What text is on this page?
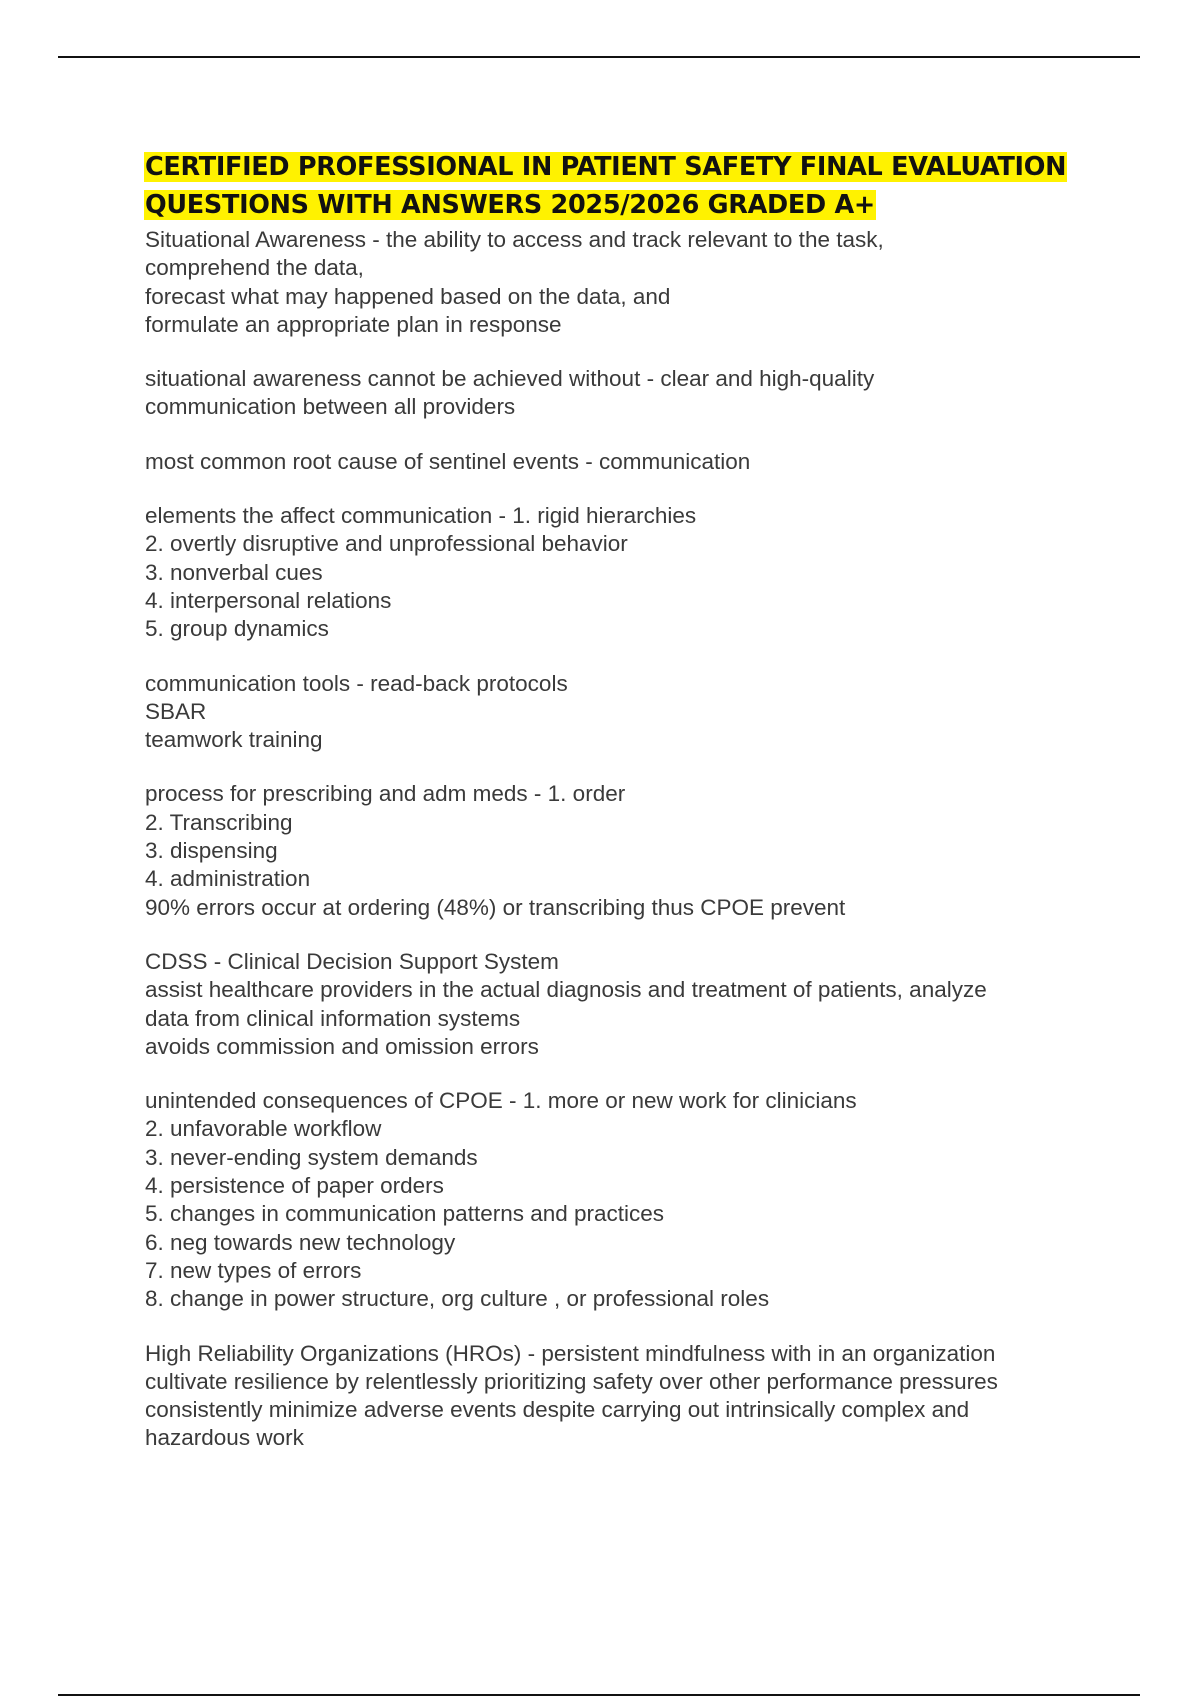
CERTIFIED PROFESSIONAL IN PATIENT SAFETY FINAL EVALUATION
QUESTIONS WITH ANSWERS 2025/2026 GRADED A+
Situational Awareness - the ability to access and track relevant to the task,
comprehend the data,
forecast what may happened based on the data, and
formulate an appropriate plan in response
situational awareness cannot be achieved without - clear and high-quality
communication between all providers
most common root cause of sentinel events - communication
elements the affect communication - 1. rigid hierarchies
2. overtly disruptive and unprofessional behavior
3. nonverbal cues
4. interpersonal relations
5. group dynamics
communication tools - read-back protocols
SBAR
teamwork training
process for prescribing and adm meds - 1. order
2. Transcribing
3. dispensing
4. administration
90% errors occur at ordering (48%) or transcribing thus CPOE prevent
CDSS - Clinical Decision Support System
assist healthcare providers in the actual diagnosis and treatment of patients, analyze
data from clinical information systems
avoids commission and omission errors
unintended consequences of CPOE - 1. more or new work for clinicians
2. unfavorable workflow
3. never-ending system demands
4. persistence of paper orders
5. changes in communication patterns and practices
6. neg towards new technology
7. new types of errors
8. change in power structure, org culture , or professional roles
High Reliability Organizations (HROs) - persistent mindfulness with in an organization
cultivate resilience by relentlessly prioritizing safety over other performance pressures
consistently minimize adverse events despite carrying out intrinsically complex and
hazardous work
